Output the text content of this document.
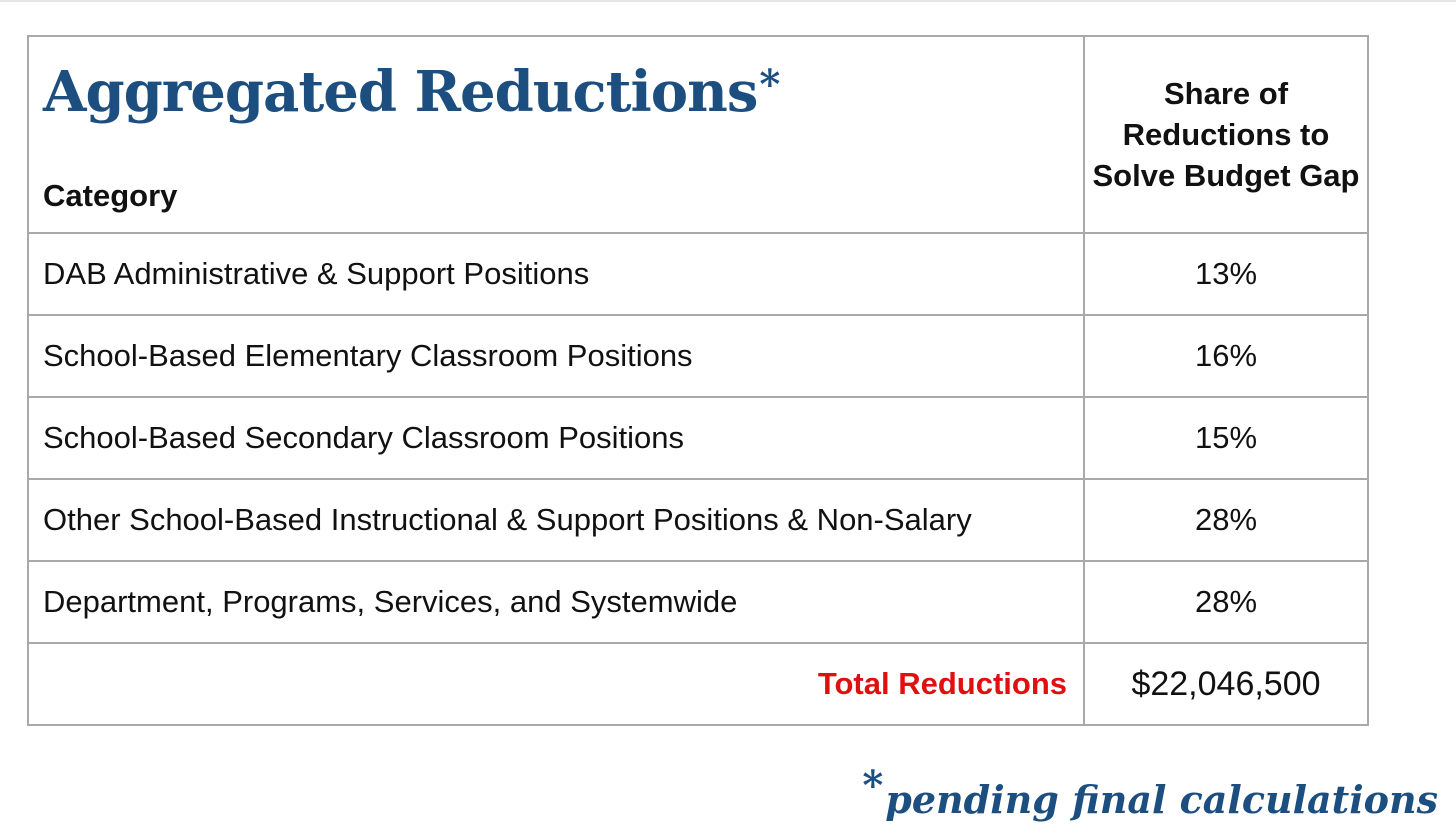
Aggregated Reductions*
Category	Share of Reductions to Solve Budget Gap
DAB Administrative & Support Positions	13%
School-Based Elementary Classroom Positions	16%
School-Based Secondary Classroom Positions	15%
Other School-Based Instructional & Support Positions & Non-Salary	28%
Department, Programs, Services, and Systemwide	28%
Total Reductions	$22,046,500
*pending final calculations
